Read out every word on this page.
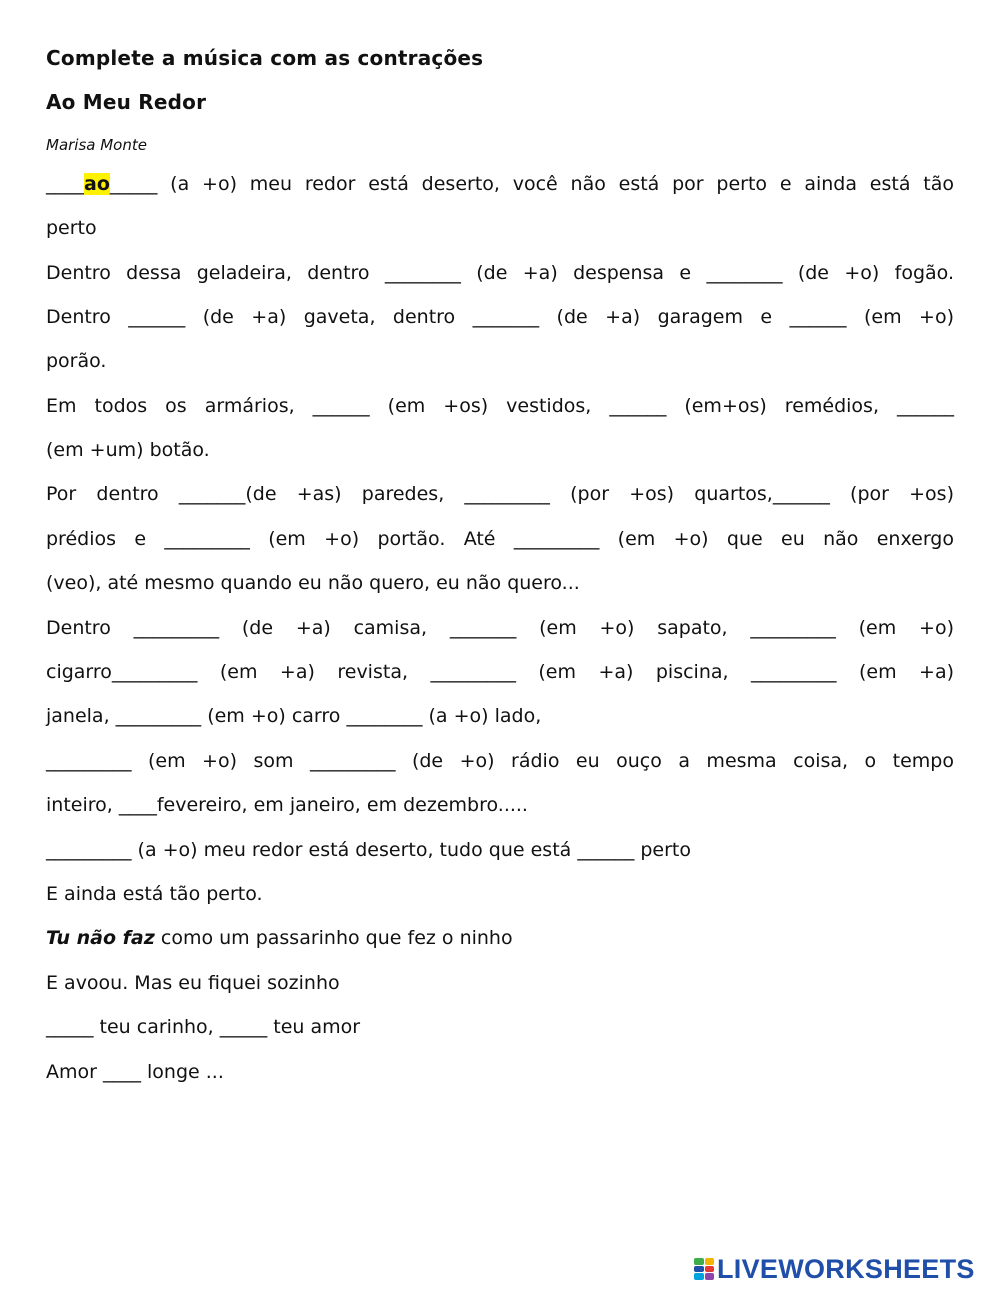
Complete a música com as contrações
Ao Meu Redor
Marisa Monte
____ao_____ (a +o) meu redor está deserto, você não está por perto e ainda está tão
perto
Dentro dessa geladeira, dentro ________ (de +a) despensa e ________ (de +o) fogão.
Dentro ______ (de +a) gaveta, dentro _______ (de +a) garagem e ______ (em +o)
porão.
Em todos os armários, ______ (em +os) vestidos, ______ (em+os) remédios, ______
(em +um) botão.
Por dentro _______(de +as) paredes, _________ (por +os) quartos,______ (por +os)
prédios e _________ (em +o) portão. Até _________ (em +o) que eu não enxergo
(veo), até mesmo quando eu não quero, eu não quero...
Dentro _________ (de +a) camisa, _______ (em +o) sapato, _________ (em +o)
cigarro_________ (em +a) revista, _________ (em +a) piscina, _________ (em +a)
janela, _________ (em +o) carro ________ (a +o) lado,
_________ (em +o) som _________ (de +o) rádio eu ouço a mesma coisa, o tempo
inteiro, ____fevereiro, em janeiro, em dezembro.....
_________ (a +o) meu redor está deserto, tudo que está ______ perto
E ainda está tão perto.
Tu não faz como um passarinho que fez o ninho
E avoou. Mas eu fiquei sozinho
_____ teu carinho, _____ teu amor
Amor ____ longe ...
LIVEWORKSHEETS
